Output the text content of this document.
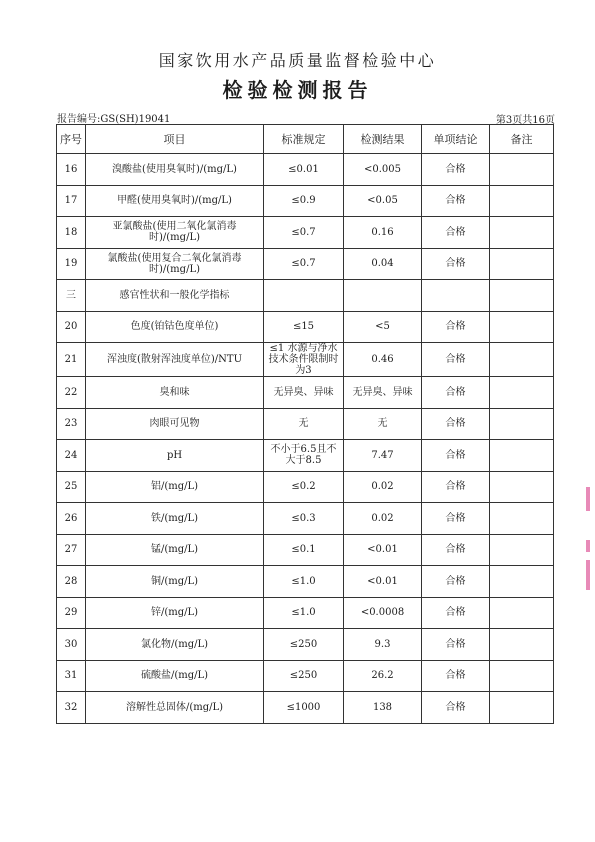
国家饮用水产品质量监督检验中心
检验检测报告
报告编号:GS(SH)19041	第3页共16页
序号	项目	标准规定	检测结果	单项结论	备注
16	溴酸盐(使用臭氧时)/(mg/L)	≤0.01	<0.005	合格	
17	甲醛(使用臭氧时)/(mg/L)	≤0.9	<0.05	合格	
18	亚氯酸盐(使用二氧化氯消毒时)/(mg/L)	≤0.7	0.16	合格	
19	氯酸盐(使用复合二氧化氯消毒时)/(mg/L)	≤0.7	0.04	合格	
三	感官性状和一般化学指标				
20	色度(铂钴色度单位)	≤15	<5	合格	
21	浑浊度(散射浑浊度单位)/NTU	≤1 水源与净水技术条件限制时为3	0.46	合格	
22	臭和味	无异臭、异味	无异臭、异味	合格	
23	肉眼可见物	无	无	合格	
24	pH	不小于6.5且不大于8.5	7.47	合格	
25	铝/(mg/L)	≤0.2	0.02	合格	
26	铁/(mg/L)	≤0.3	0.02	合格	
27	锰/(mg/L)	≤0.1	<0.01	合格	
28	铜/(mg/L)	≤1.0	<0.01	合格	
29	锌/(mg/L)	≤1.0	<0.0008	合格	
30	氯化物/(mg/L)	≤250	9.3	合格	
31	硫酸盐/(mg/L)	≤250	26.2	合格	
32	溶解性总固体/(mg/L)	≤1000	138	合格	
